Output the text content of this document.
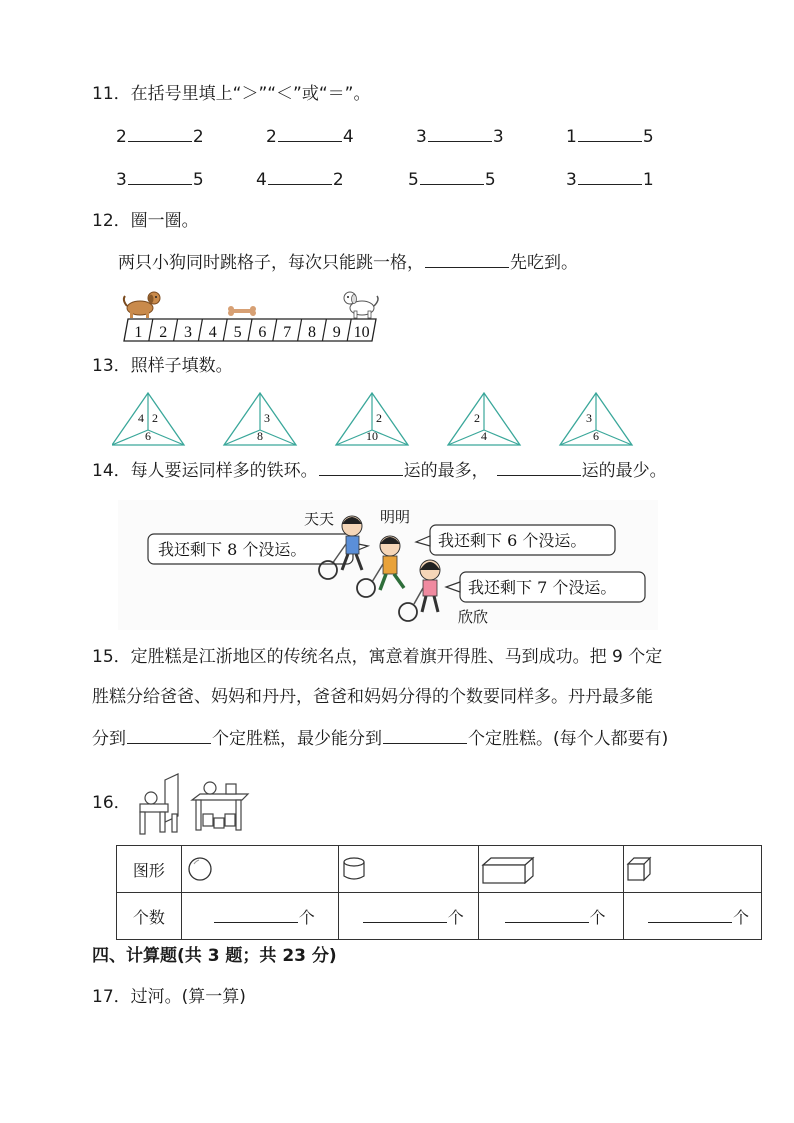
11．在括号里填上“＞”“＜”或“＝”。
2	2	2	4	3	3	1	5
3	5	4	2	5	5	3	1
12．圈一圈。
两只小狗同时跳格子，每次只能跳一格，	先吃到。
1 2 3 4 5 6 7 8 9 10
13．照样子填数。
4 2
6
3
8
2
10
2
4
3
6
14．每人要运同样多的铁环。	运的最多，	运的最少。
我还剩下 8 个没运。	我还剩下 6 个没运。
我还剩下 7 个没运。
天天	明明
欣欣
15．定胜糕是江浙地区的传统名点，寓意着旗开得胜、马到成功。把 9 个定
胜糕分给爸爸、妈妈和丹丹，爸爸和妈妈分得的个数要同样多。丹丹最多能
分到	个定胜糕，最少能分到	个定胜糕。(每个人都要有)
16．
图形				
个数	个	个	个	个
四、计算题(共 3 题；共 23 分)
17．过河。(算一算)
